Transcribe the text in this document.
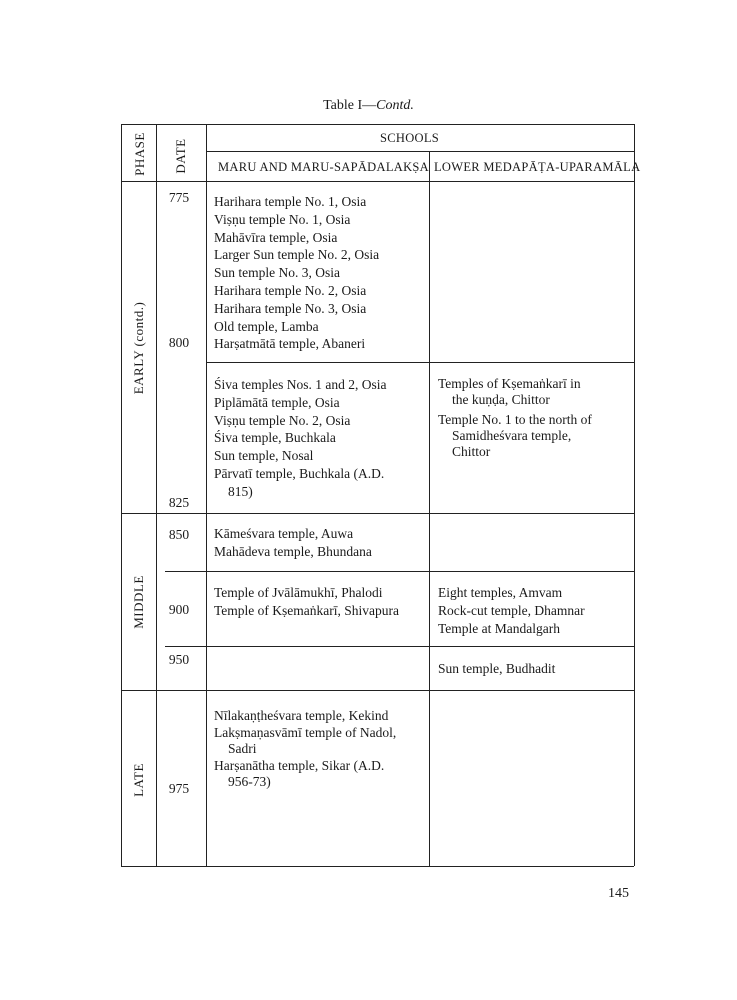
Table I—Contd.
PHASE DATE
SCHOOLS
MARU AND MARU-SAPĀDALAKṢA LOWER MEDAPĀṬA-UPARAMĀLA
EARLY (contd.)
MIDDLE
LATE
775
800
825
850
900
950
975
Harihara temple No. 1, Osia
Viṣṇu temple No. 1, Osia
Mahāvīra temple, Osia
Larger Sun temple No. 2, Osia
Sun temple No. 3, Osia
Harihara temple No. 2, Osia
Harihara temple No. 3, Osia
Old temple, Lamba
Harṣatmātā temple, Abaneri
Śiva temples Nos. 1 and 2, Osia
Piplāmātā temple, Osia
Viṣṇu temple No. 2, Osia
Śiva temple, Buchkala
Sun temple, Nosal
Pārvatī temple, Buchkala (A.D.
815)
Temples of Kṣemaṅkarī in
the kuṇḍa, Chittor
Temple No. 1 to the north of
Samidheśvara temple,
Chittor
Kāmeśvara temple, Auwa
Mahādeva temple, Bhundana
Temple of Jvālāmukhī, Phalodi
Temple of Kṣemaṅkarī, Shivapura
Eight temples, Amvam
Rock-cut temple, Dhamnar
Temple at Mandalgarh
Sun temple, Budhadit
Nīlakaṇṭheśvara temple, Kekind
Lakṣmaṇasvāmī temple of Nadol,
Sadri
Harṣanātha temple, Sikar (A.D.
956-73)
145
